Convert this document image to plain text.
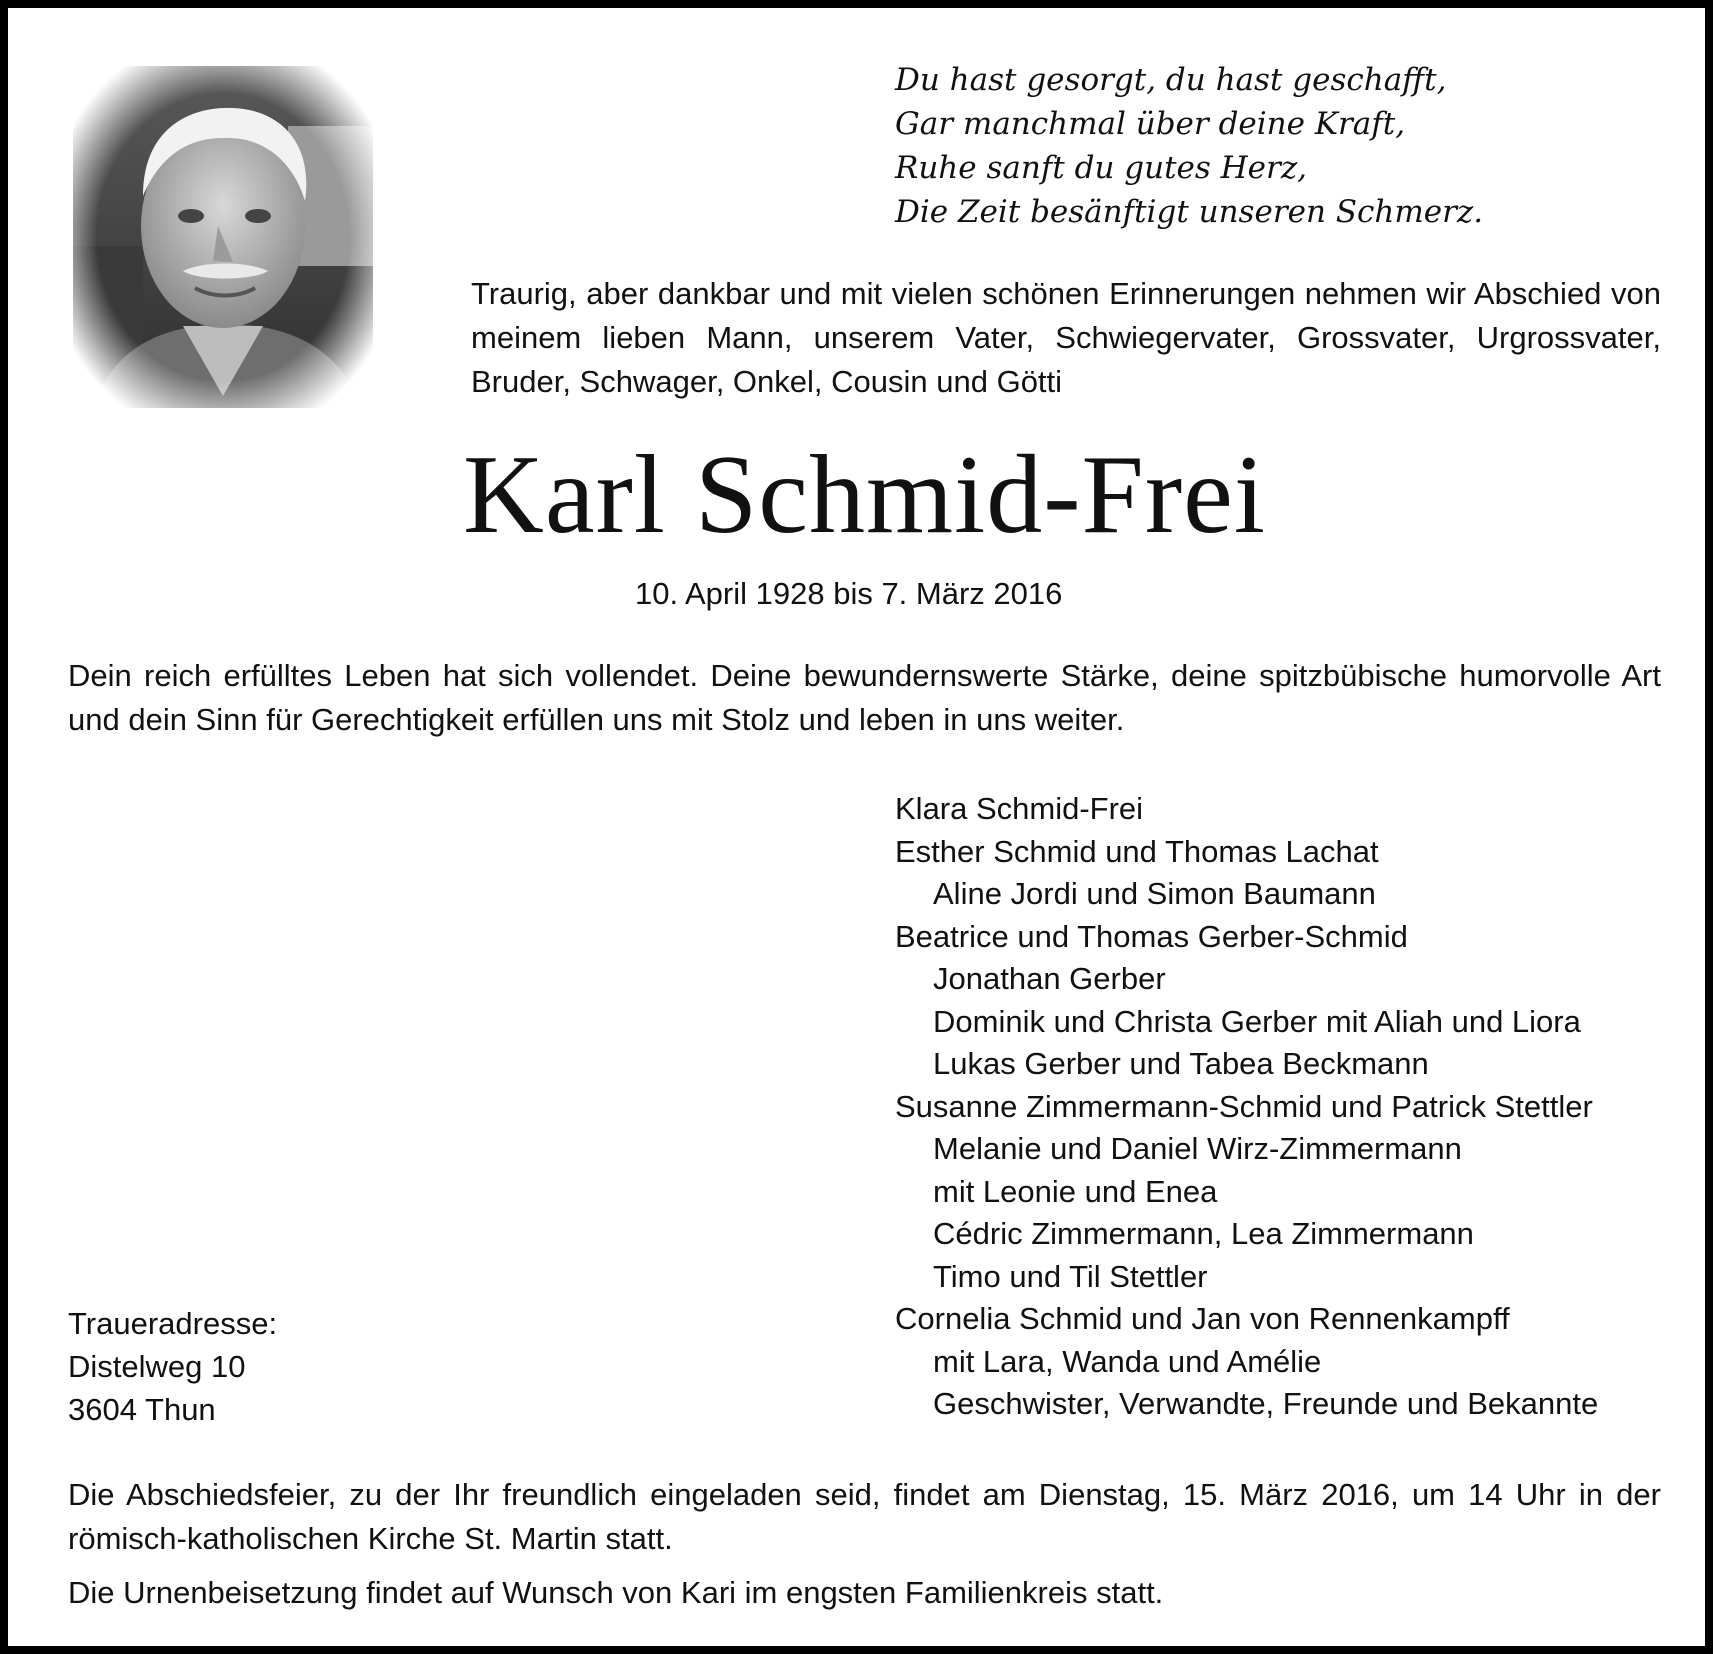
Du hast gesorgt, du hast geschafft,
Gar manchmal über deine Kraft,
Ruhe sanft du gutes Herz,
Die Zeit besänftigt unseren Schmerz.
Traurig, aber dankbar und mit vielen schönen Erinnerungen nehmen wir Abschied von meinem lieben Mann, unserem Vater, Schwiegervater, Grossvater, Urgrossvater, Bruder, Schwager, Onkel, Cousin und Götti
Karl Schmid-Frei
10. April 1928 bis 7. März 2016
Dein reich erfülltes Leben hat sich vollendet. Deine bewundernswerte Stärke, deine spitzbübische humorvolle Art und dein Sinn für Gerechtigkeit erfüllen uns mit Stolz und leben in uns weiter.
Klara Schmid-Frei
Esther Schmid und Thomas Lachat
Aline Jordi und Simon Baumann
Beatrice und Thomas Gerber-Schmid
Jonathan Gerber
Dominik und Christa Gerber mit Aliah und Liora
Lukas Gerber und Tabea Beckmann
Susanne Zimmermann-Schmid und Patrick Stettler
Melanie und Daniel Wirz-Zimmermann
mit Leonie und Enea
Cédric Zimmermann, Lea Zimmermann
Timo und Til Stettler
Cornelia Schmid und Jan von Rennenkampff
mit Lara, Wanda und Amélie
Geschwister, Verwandte, Freunde und Bekannte
Traueradresse:
Distelweg 10
3604 Thun
Die Abschiedsfeier, zu der Ihr freundlich eingeladen seid, findet am Dienstag, 15. März 2016, um 14 Uhr in der römisch-katholischen Kirche St. Martin statt.
Die Urnenbeisetzung findet auf Wunsch von Kari im engsten Familienkreis statt.
